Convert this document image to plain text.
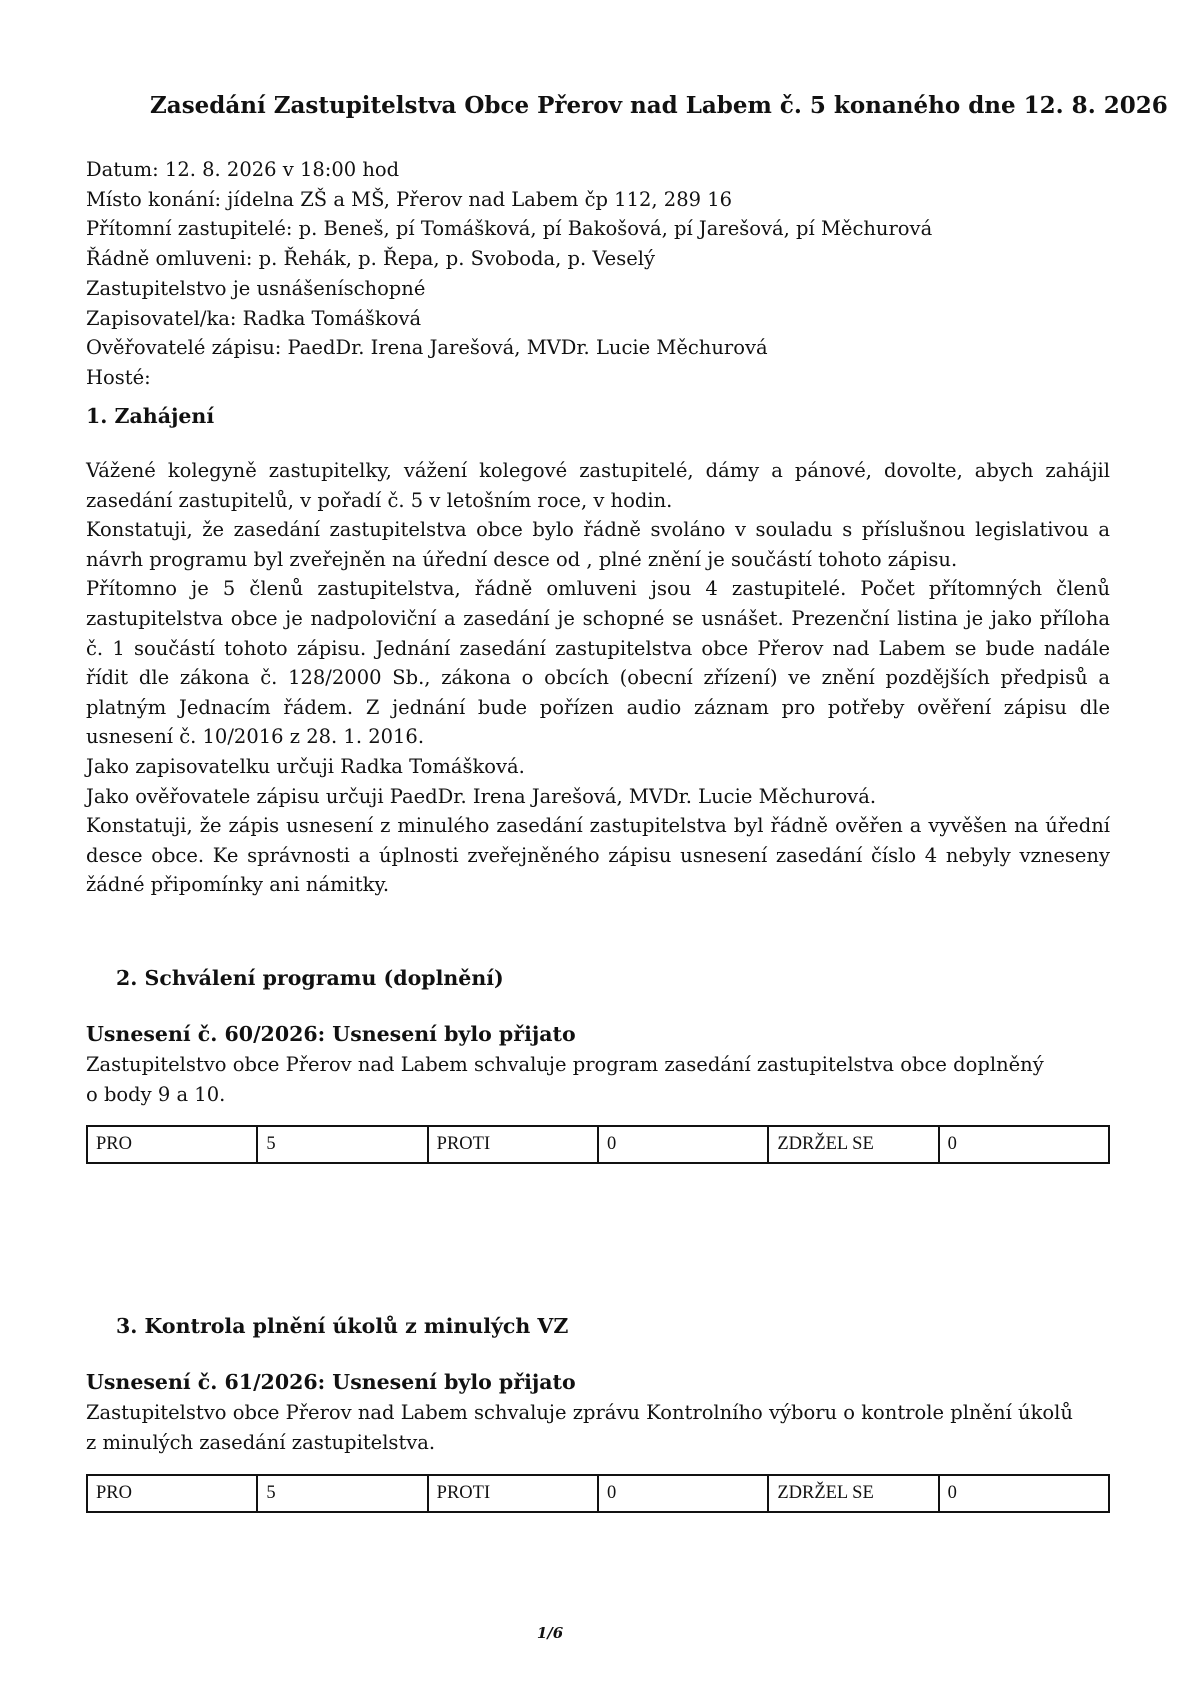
Zasedání Zastupitelstva Obce Přerov nad Labem č. 5 konaného dne 12. 8. 2026
Datum: 12. 8. 2026 v 18:00 hod
Místo konání: jídelna ZŠ a MŠ, Přerov nad Labem čp 112, 289 16
Přítomní zastupitelé: p. Beneš, pí Tomášková, pí Bakošová, pí Jarešová, pí Měchurová
Řádně omluveni: p. Řehák, p. Řepa, p. Svoboda, p. Veselý
Zastupitelstvo je usnášeníschopné
Zapisovatel/ka: Radka Tomášková
Ověřovatelé zápisu: PaedDr. Irena Jarešová, MVDr. Lucie Měchurová
Hosté:
1. Zahájení

Vážené kolegyně zastupitelky, vážení kolegové zastupitelé, dámy a pánové, dovolte, abych zahájil zasedání zastupitelů, v pořadí č. 5 v letošním roce, v hodin.

Konstatuji, že zasedání zastupitelstva obce bylo řádně svoláno v souladu s příslušnou legislativou a návrh programu byl zveřejněn na úřední desce od , plné znění je součástí tohoto zápisu.

Přítomno je 5 členů zastupitelstva, řádně omluveni jsou 4 zastupitelé. Počet přítomných členů zastupitelstva obce je nadpoloviční a zasedání je schopné se usnášet. Prezenční listina je jako příloha č. 1 součástí tohoto zápisu. Jednání zasedání zastupitelstva obce Přerov nad Labem se bude nadále řídit dle zákona č. 128/2000 Sb., zákona o obcích (obecní zřízení) ve znění pozdějších předpisů a platným Jednacím řádem. Z jednání bude pořízen audio záznam pro potřeby ověření zápisu dle usnesení č. 10/2016 z 28. 1. 2016.

Jako zapisovatelku určuji Radka Tomášková.

Jako ověřovatele zápisu určuji PaedDr. Irena Jarešová, MVDr. Lucie Měchurová.

Konstatuji, že zápis usnesení z minulého zasedání zastupitelstva byl řádně ověřen a vyvěšen na úřední desce obce. Ke správnosti a úplnosti zveřejněného zápisu usnesení zasedání číslo 4 nebyly vzneseny žádné připomínky ani námitky.

2. Schválení programu (doplnění)
Usnesení č. 60/2026: Usnesení bylo přijato
Zastupitelstvo obce Přerov nad Labem schvaluje program zasedání zastupitelstva obce doplněný
o body 9 a 10.
PRO	5	PROTI	0	ZDRŽEL SE	0
3. Kontrola plnění úkolů z minulých VZ
Usnesení č. 61/2026: Usnesení bylo přijato
Zastupitelstvo obce Přerov nad Labem schvaluje zprávu Kontrolního výboru o kontrole plnění úkolů
z minulých zasedání zastupitelstva.
PRO	5	PROTI	0	ZDRŽEL SE	0
1/6
